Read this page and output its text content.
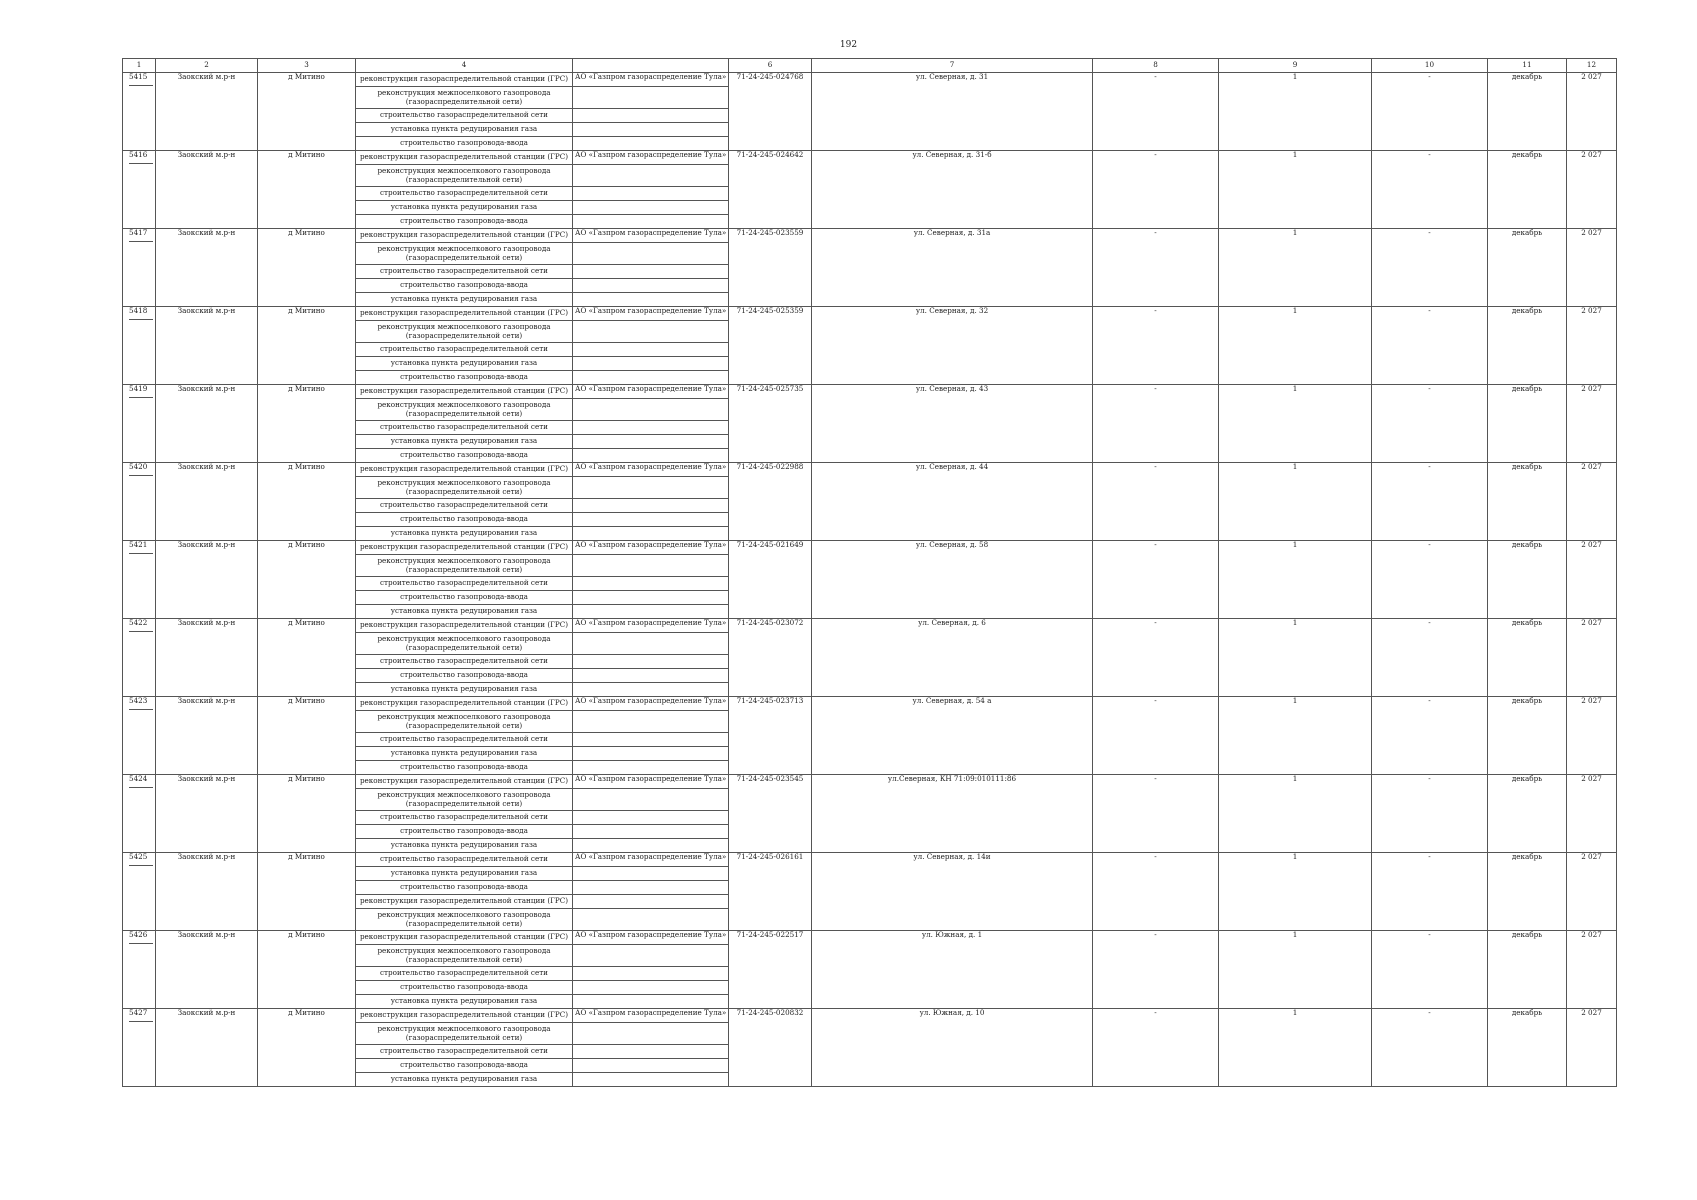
192
1	2	3	4		6	7	8	9	10	11	12

5415	Заокский м.р-н	д Митино	реконструкция газораспределительной станции (ГРС)	АО «Газпром газораспределение Тула»	71-24-245-024768	ул. Северная, д. 31	-	1	-	декабрь	2 027
			реконструкция межпоселкового газопровода (газораспределительной сети)								
			строительство газораспределительной сети								
			установка пункта редуцирования газа								
			строительство газопровода-ввода								

5416	Заокский м.р-н	д Митино	реконструкция газораспределительной станции (ГРС)	АО «Газпром газораспределение Тула»	71-24-245-024642	ул. Северная, д. 31-б	-	1	-	декабрь	2 027
			реконструкция межпоселкового газопровода (газораспределительной сети)								
			строительство газораспределительной сети								
			установка пункта редуцирования газа								
			строительство газопровода-ввода								

5417	Заокский м.р-н	д Митино	реконструкция газораспределительной станции (ГРС)	АО «Газпром газораспределение Тула»	71-24-245-023559	ул. Северная, д. 31а	-	1	-	декабрь	2 027
			реконструкция межпоселкового газопровода (газораспределительной сети)								
			строительство газораспределительной сети								
			строительство газопровода-ввода								
			установка пункта редуцирования газа								

5418	Заокский м.р-н	д Митино	реконструкция газораспределительной станции (ГРС)	АО «Газпром газораспределение Тула»	71-24-245-025359	ул. Северная, д. 32	-	1	-	декабрь	2 027
			реконструкция межпоселкового газопровода (газораспределительной сети)								
			строительство газораспределительной сети								
			установка пункта редуцирования газа								
			строительство газопровода-ввода								

5419	Заокский м.р-н	д Митино	реконструкция газораспределительной станции (ГРС)	АО «Газпром газораспределение Тула»	71-24-245-025735	ул. Северная, д. 43	-	1	-	декабрь	2 027
			реконструкция межпоселкового газопровода (газораспределительной сети)								
			строительство газораспределительной сети								
			установка пункта редуцирования газа								
			строительство газопровода-ввода								

5420	Заокский м.р-н	д Митино	реконструкция газораспределительной станции (ГРС)	АО «Газпром газораспределение Тула»	71-24-245-022988	ул. Северная, д. 44	-	1	-	декабрь	2 027
			реконструкция межпоселкового газопровода (газораспределительной сети)								
			строительство газораспределительной сети								
			строительство газопровода-ввода								
			установка пункта редуцирования газа								

5421	Заокский м.р-н	д Митино	реконструкция газораспределительной станции (ГРС)	АО «Газпром газораспределение Тула»	71-24-245-021649	ул. Северная, д. 58	-	1	-	декабрь	2 027
			реконструкция межпоселкового газопровода (газораспределительной сети)								
			строительство газораспределительной сети								
			строительство газопровода-ввода								
			установка пункта редуцирования газа								

5422	Заокский м.р-н	д Митино	реконструкция газораспределительной станции (ГРС)	АО «Газпром газораспределение Тула»	71-24-245-023072	ул. Северная, д. 6	-	1	-	декабрь	2 027
			реконструкция межпоселкового газопровода (газораспределительной сети)								
			строительство газораспределительной сети								
			строительство газопровода-ввода								
			установка пункта редуцирования газа								

5423	Заокский м.р-н	д Митино	реконструкция газораспределительной станции (ГРС)	АО «Газпром газораспределение Тула»	71-24-245-023713	ул. Северная, д. 54 а	-	1	-	декабрь	2 027
			реконструкция межпоселкового газопровода (газораспределительной сети)								
			строительство газораспределительной сети								
			установка пункта редуцирования газа								
			строительство газопровода-ввода								

5424	Заокский м.р-н	д Митино	реконструкция газораспределительной станции (ГРС)	АО «Газпром газораспределение Тула»	71-24-245-023545	ул.Северная, КН 71:09:010111:86	-	1	-	декабрь	2 027
			реконструкция межпоселкового газопровода (газораспределительной сети)								
			строительство газораспределительной сети								
			строительство газопровода-ввода								
			установка пункта редуцирования газа								

5425	Заокский м.р-н	д Митино	строительство газораспределительной сети	АО «Газпром газораспределение Тула»	71-24-245-026161	ул. Северная, д. 14и	-	1	-	декабрь	2 027
			установка пункта редуцирования газа								
			строительство газопровода-ввода								
			реконструкция газораспределительной станции (ГРС)								
			реконструкция межпоселкового газопровода (газораспределительной сети)								

5426	Заокский м.р-н	д Митино	реконструкция газораспределительной станции (ГРС)	АО «Газпром газораспределение Тула»	71-24-245-022517	ул. Южная, д. 1	-	1	-	декабрь	2 027
			реконструкция межпоселкового газопровода (газораспределительной сети)								
			строительство газораспределительной сети								
			строительство газопровода-ввода								
			установка пункта редуцирования газа								

5427	Заокский м.р-н	д Митино	реконструкция газораспределительной станции (ГРС)	АО «Газпром газораспределение Тула»	71-24-245-020832	ул. Южная, д. 10	-	1	-	декабрь	2 027
			реконструкция межпоселкового газопровода (газораспределительной сети)								
			строительство газораспределительной сети								
			строительство газопровода-ввода								
			установка пункта редуцирования газа								
